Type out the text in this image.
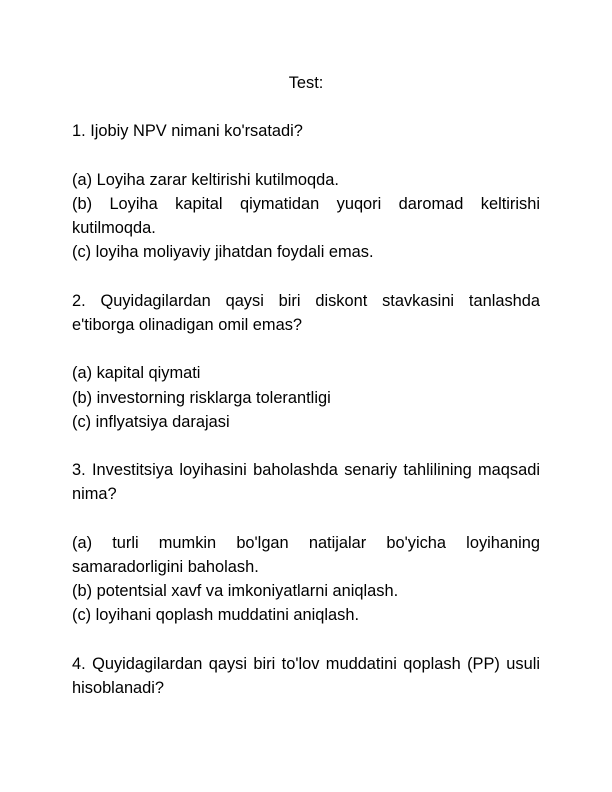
Test:

1. Ijobiy NPV nimani ko'rsatadi?

(a) Loyiha zarar keltirishi kutilmoqda.

(b) Loyiha kapital qiymatidan yuqori daromad keltirishi kutilmoqda.

(c) loyiha moliyaviy jihatdan foydali emas.

2. Quyidagilardan qaysi biri diskont stavkasini tanlashda e'tiborga olinadigan omil emas?

(a) kapital qiymati

(b) investorning risklarga tolerantligi

(c) inflyatsiya darajasi

3. Investitsiya loyihasini baholashda senariy tahlilining maqsadi nima?

(a) turli mumkin bo'lgan natijalar bo'yicha loyihaning samaradorligini baholash.

(b) potentsial xavf va imkoniyatlarni aniqlash.

(c) loyihani qoplash muddatini aniqlash.

4. Quyidagilardan qaysi biri to'lov muddatini qoplash (PP) usuli hisoblanadi?
